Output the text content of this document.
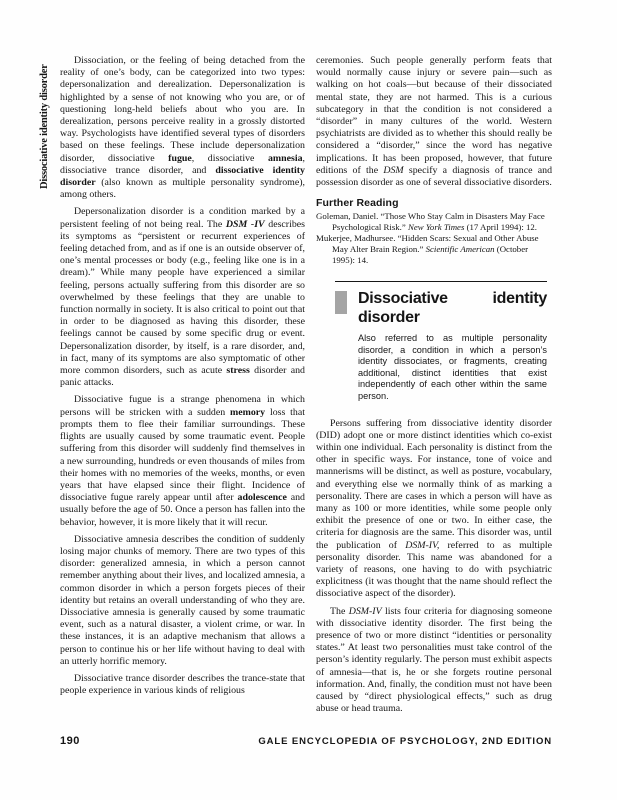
Dissociative identity disorder

Dissociation, or the feeling of being detached from the reality of one’s body, can be categorized into two types: depersonalization and derealization. Depersonalization is highlighted by a sense of not knowing who you are, or of questioning long-held beliefs about who you are. In derealization, persons perceive reality in a grossly distorted way. Psychologists have identified several types of disorders based on these feelings. These include depersonalization disorder, dissociative fugue, dissociative amnesia, dissociative trance disorder, and dissociative identity disorder (also known as multiple personality syndrome), among others.

Depersonalization disorder is a condition marked by a persistent feeling of not being real. The DSM -IV describes its symptoms as “persistent or recurrent experiences of feeling detached from, and as if one is an outside observer of, one’s mental processes or body (e.g., feeling like one is in a dream).” While many people have experienced a similar feeling, persons actually suffering from this disorder are so overwhelmed by these feelings that they are unable to function normally in society. It is also critical to point out that in order to be diagnosed as having this disorder, these feelings cannot be caused by some specific drug or event. Depersonalization disorder, by itself, is a rare disorder, and, in fact, many of its symptoms are also symptomatic of other more common disorders, such as acute stress disorder and panic attacks.

Dissociative fugue is a strange phenomena in which persons will be stricken with a sudden memory loss that prompts them to flee their familiar surroundings. These flights are usually caused by some traumatic event. People suffering from this disorder will suddenly find themselves in a new surrounding, hundreds or even thousands of miles from their homes with no memories of the weeks, months, or even years that have elapsed since their flight. Incidence of dissociative fugue rarely appear until after adolescence and usually before the age of 50. Once a person has fallen into the behavior, however, it is more likely that it will recur.

Dissociative amnesia describes the condition of suddenly losing major chunks of memory. There are two types of this disorder: generalized amnesia, in which a person cannot remember anything about their lives, and localized amnesia, a common disorder in which a person forgets pieces of their identity but retains an overall understanding of who they are. Dissociative amnesia is generally caused by some traumatic event, such as a natural disaster, a violent crime, or war. In these instances, it is an adaptive mechanism that allows a person to continue his or her life without having to deal with an utterly horrific memory.

Dissociative trance disorder describes the trance-state that people experience in various kinds of religious

ceremonies. Such people generally perform feats that would normally cause injury or severe pain—such as walking on hot coals—but because of their dissociated mental state, they are not harmed. This is a curious subcategory in that the condition is not considered a “disorder” in many cultures of the world. Western psychiatrists are divided as to whether this should really be considered a “disorder,” since the word has negative implications. It has been proposed, however, that future editions of the DSM specify a diagnosis of trance and possession disorder as one of several dissociative disorders.

Further Reading

Goleman, Daniel. “Those Who Stay Calm in Disasters May Face Psychological Risk.” New York Times (17 April 1994): 12.

Mukerjee, Madhursee. “Hidden Scars: Sexual and Other Abuse May Alter Brain Region.” Scientific American (October 1995): 14.

Dissociative identity disorder

Also referred to as multiple personality disorder, a condition in which a person’s identity dissociates, or fragments, creating additional, distinct identities that exist independently of each other within the same person.

Persons suffering from dissociative identity disorder (DID) adopt one or more distinct identities which co-exist within one individual. Each personality is distinct from the other in specific ways. For instance, tone of voice and mannerisms will be distinct, as well as posture, vocabulary, and everything else we normally think of as marking a personality. There are cases in which a person will have as many as 100 or more identities, while some people only exhibit the presence of one or two. In either case, the criteria for diagnosis are the same. This disorder was, until the publication of DSM-IV, referred to as multiple personality disorder. This name was abandoned for a variety of reasons, one having to do with psychiatric explicitness (it was thought that the name should reflect the dissociative aspect of the disorder).

The DSM-IV lists four criteria for diagnosing someone with dissociative identity disorder. The first being the presence of two or more distinct “identities or personality states.” At least two personalities must take control of the person’s identity regularly. The person must exhibit aspects of amnesia—that is, he or she forgets routine personal information. And, finally, the condition must not have been caused by “direct physiological effects,” such as drug abuse or head trauma.

190	GALE ENCYCLOPEDIA OF PSYCHOLOGY, 2ND EDITION
